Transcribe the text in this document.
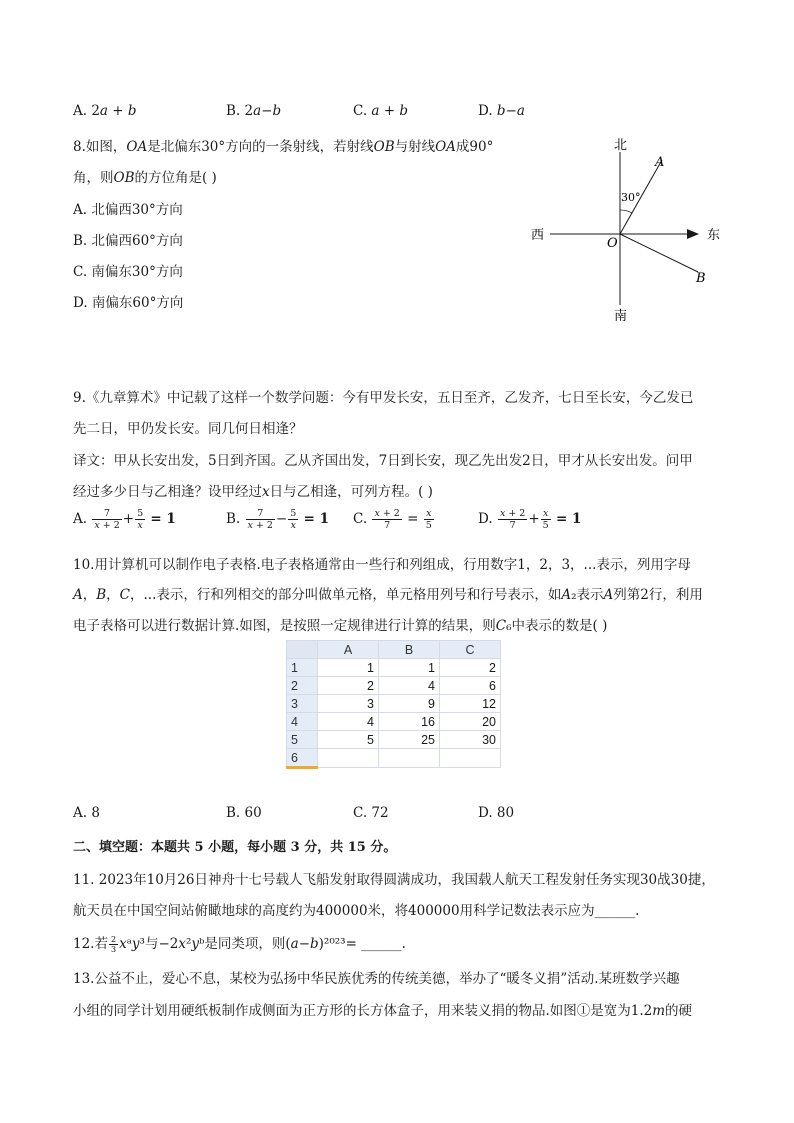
A. 2𝑎 + 𝑏	B. 2𝑎−𝑏	C. 𝑎 + 𝑏	D. 𝑏−𝑎
8.如图，𝑂𝐴是北偏东30°方向的一条射线，若射线𝑂𝐵与射线𝑂𝐴成90°
角，则𝑂𝐵的方位角是( )
A. 北偏西30°方向
B. 北偏西60°方向
C. 南偏东30°方向
D. 南偏东60°方向
北
南
西	东
O
A
B
30°
9.《九章算术》中记载了这样一个数学问题：今有甲发长安，五日至齐，乙发齐，七日至长安，今乙发已
先二日，甲仍发长安。同几何日相逢？
译文：甲从长安出发，5日到齐国。乙从齐国出发，7日到长安，现乙先出发2日，甲才从长安出发。问甲
经过多少日与乙相逢？设甲经过𝑥日与乙相逢，可列方程。( )
A. $\frac{7}{\text{𝑥 + 2}} + \frac{5}{\text{𝑥}} = 1$	B. $\frac{7}{\text{𝑥 + 2}} - \frac{5}{\text{𝑥}} = 1$ C. $\frac{\text{𝑥 + 2}}{7} = \frac{\text{𝑥}}{5}$	D. $\frac{\text{𝑥 + 2}}{7} + \frac{\text{𝑥}}{5} = 1$
10.用计算机可以制作电子表格.电子表格通常由一些行和列组成，行用数字1，2，3，...表示，列用字母
𝐴，𝐵，𝐶，...表示，行和列相交的部分叫做单元格，单元格用列号和行号表示，如𝐴₂表示𝐴列第2行，利用
电子表格可以进行数据计算.如图，是按照一定规律进行计算的结果，则𝐶₆中表示的数是( )
	A	B	C
1	1	1	2
2	2	4	6
3	3	9	12
4	4	16	20
5	5	25	30
6			
A. 8	B. 60	C. 72	D. 80
二、填空题：本题共 5 小题，每小题 3 分，共 15 分。
11. 2023年10月26日神舟十七号载人飞船发射取得圆满成功，我国载人航天工程发射任务实现30战30捷，
航天员在中国空间站俯瞰地球的高度约为400000米，将400000用科学记数法表示应为______.
12.若 $\frac{2}{3}$ 𝑥ᵃ𝑦³与−2𝑥²𝑦ᵇ是同类项，则(𝑎−𝑏)²⁰²³= ______.
13.公益不止，爱心不息，某校为弘扬中华民族优秀的传统美德，举办了“暖冬义捐”活动.某班数学兴趣
小组的同学计划用硬纸板制作成侧面为正方形的长方体盒子，用来装义捐的物品.如图①是宽为1.2𝑚的硬
